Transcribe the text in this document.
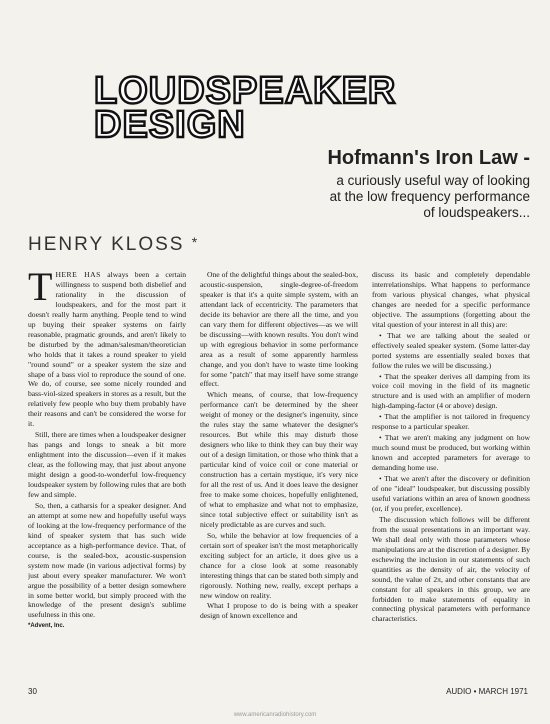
LOUDSPEAKER
DESIGN
Hofmann's Iron Law -

a curiously useful way of looking
at the low frequency performance
of loudspeakers...

HENRY KLOSS *

THERE HAS always been a certain willingness to suspend both disbelief and rationality in the discussion of loudspeakers, and for the most part it doesn't really harm anything. People tend to wind up buying their speaker systems on fairly reasonable, pragmatic grounds, and aren't likely to be disturbed by the adman/salesman/theoretician who holds that it takes a round speaker to yield "round sound" or a speaker system the size and shape of a bass viol to reproduce the sound of one. We do, of course, see some nicely rounded and bass-viol-sized speakers in stores as a result, but the relatively few people who buy them probably have their reasons and can't be considered the worse for it.

Still, there are times when a loudspeaker designer has pangs and longs to sneak a bit more enlightment into the discussion—even if it makes clear, as the following may, that just about anyone might design a good-to-wonderful low-frequency loudspeaker system by following rules that are both few and simple.

So, then, a catharsis for a speaker designer. And an attempt at some new and hopefully useful ways of looking at the low-frequency performance of the kind of speaker system that has such wide acceptance as a high-performance device. That, of course, is the sealed-box, acoustic-suspension system now made (in various adjectival forms) by just about every speaker manufacturer. We won't argue the possibility of a better design somewhere in some better world, but simply proceed with the knowledge of the present design's sublime usefulness in this one.

*Advent, Inc.

One of the delightful things about the sealed-box, acoustic-suspension, single-degree-of-freedom speaker is that it's a quite simple system, with an attendant lack of eccentricity. The parameters that decide its behavior are there all the time, and you can vary them for different objectives—as we will be discussing—with known results. You don't wind up with egregious behavior in some performance area as a result of some apparently harmless change, and you don't have to waste time looking for some "patch" that may itself have some strange effect.

Which means, of course, that low-frequency performance can't be determined by the sheer weight of money or the designer's ingenuity, since the rules stay the same whatever the designer's resources. But while this may disturb those designers who like to think they can buy their way out of a design limitation, or those who think that a particular kind of voice coil or cone material or construction has a certain mystique, it's very nice for all the rest of us. And it does leave the designer free to make some choices, hopefully enlightened, of what to emphasize and what not to emphasize, since total subjective effect or suitability isn't as nicely predictable as are curves and such.

So, while the behavior at low frequencies of a certain sort of speaker isn't the most metaphorically exciting subject for an article, it does give us a chance for a close look at some reasonably interesting things that can be stated both simply and rigorously. Nothing new, really, except perhaps a new window on reality.

What I propose to do is being with a speaker design of known excellence and

discuss its basic and completely dependable interrelationships. What happens to performance from various physical changes, what physical changes are needed for a specific performance objective. The assumptions (forgetting about the vital question of your interest in all this) are:

• That we are talking about the sealed or effectively sealed speaker system. (Some latter-day ported systems are essentially sealed boxes that follow the rules we will be discussing.)

• That the speaker derives all damping from its voice coil moving in the field of its magnetic structure and is used with an amplifier of modern high-damping-factor (4 or above) design.

• That the amplifier is not tailored in frequency response to a particular speaker.

• That we aren't making any judgment on how much sound must be produced, but working within known and accepted parameters for average to demanding home use.

• That we aren't after the discovery or definition of one "ideal" loudspeaker, but discussing possibly useful variations within an area of known goodness (or, if you prefer, excellence).

The discussion which follows will be different from the usual presentations in an important way. We shall deal only with those parameters whose manipulations are at the discretion of a designer. By eschewing the inclusion in our statements of such quantities as the density of air, the velocity of sound, the value of 2π, and other constants that are constant for all speakers in this group, we are forbidden to make statements of equality in connecting physical parameters with performance characteristics.

30	AUDIO • MARCH 1971
www.americanradiohistory.com
